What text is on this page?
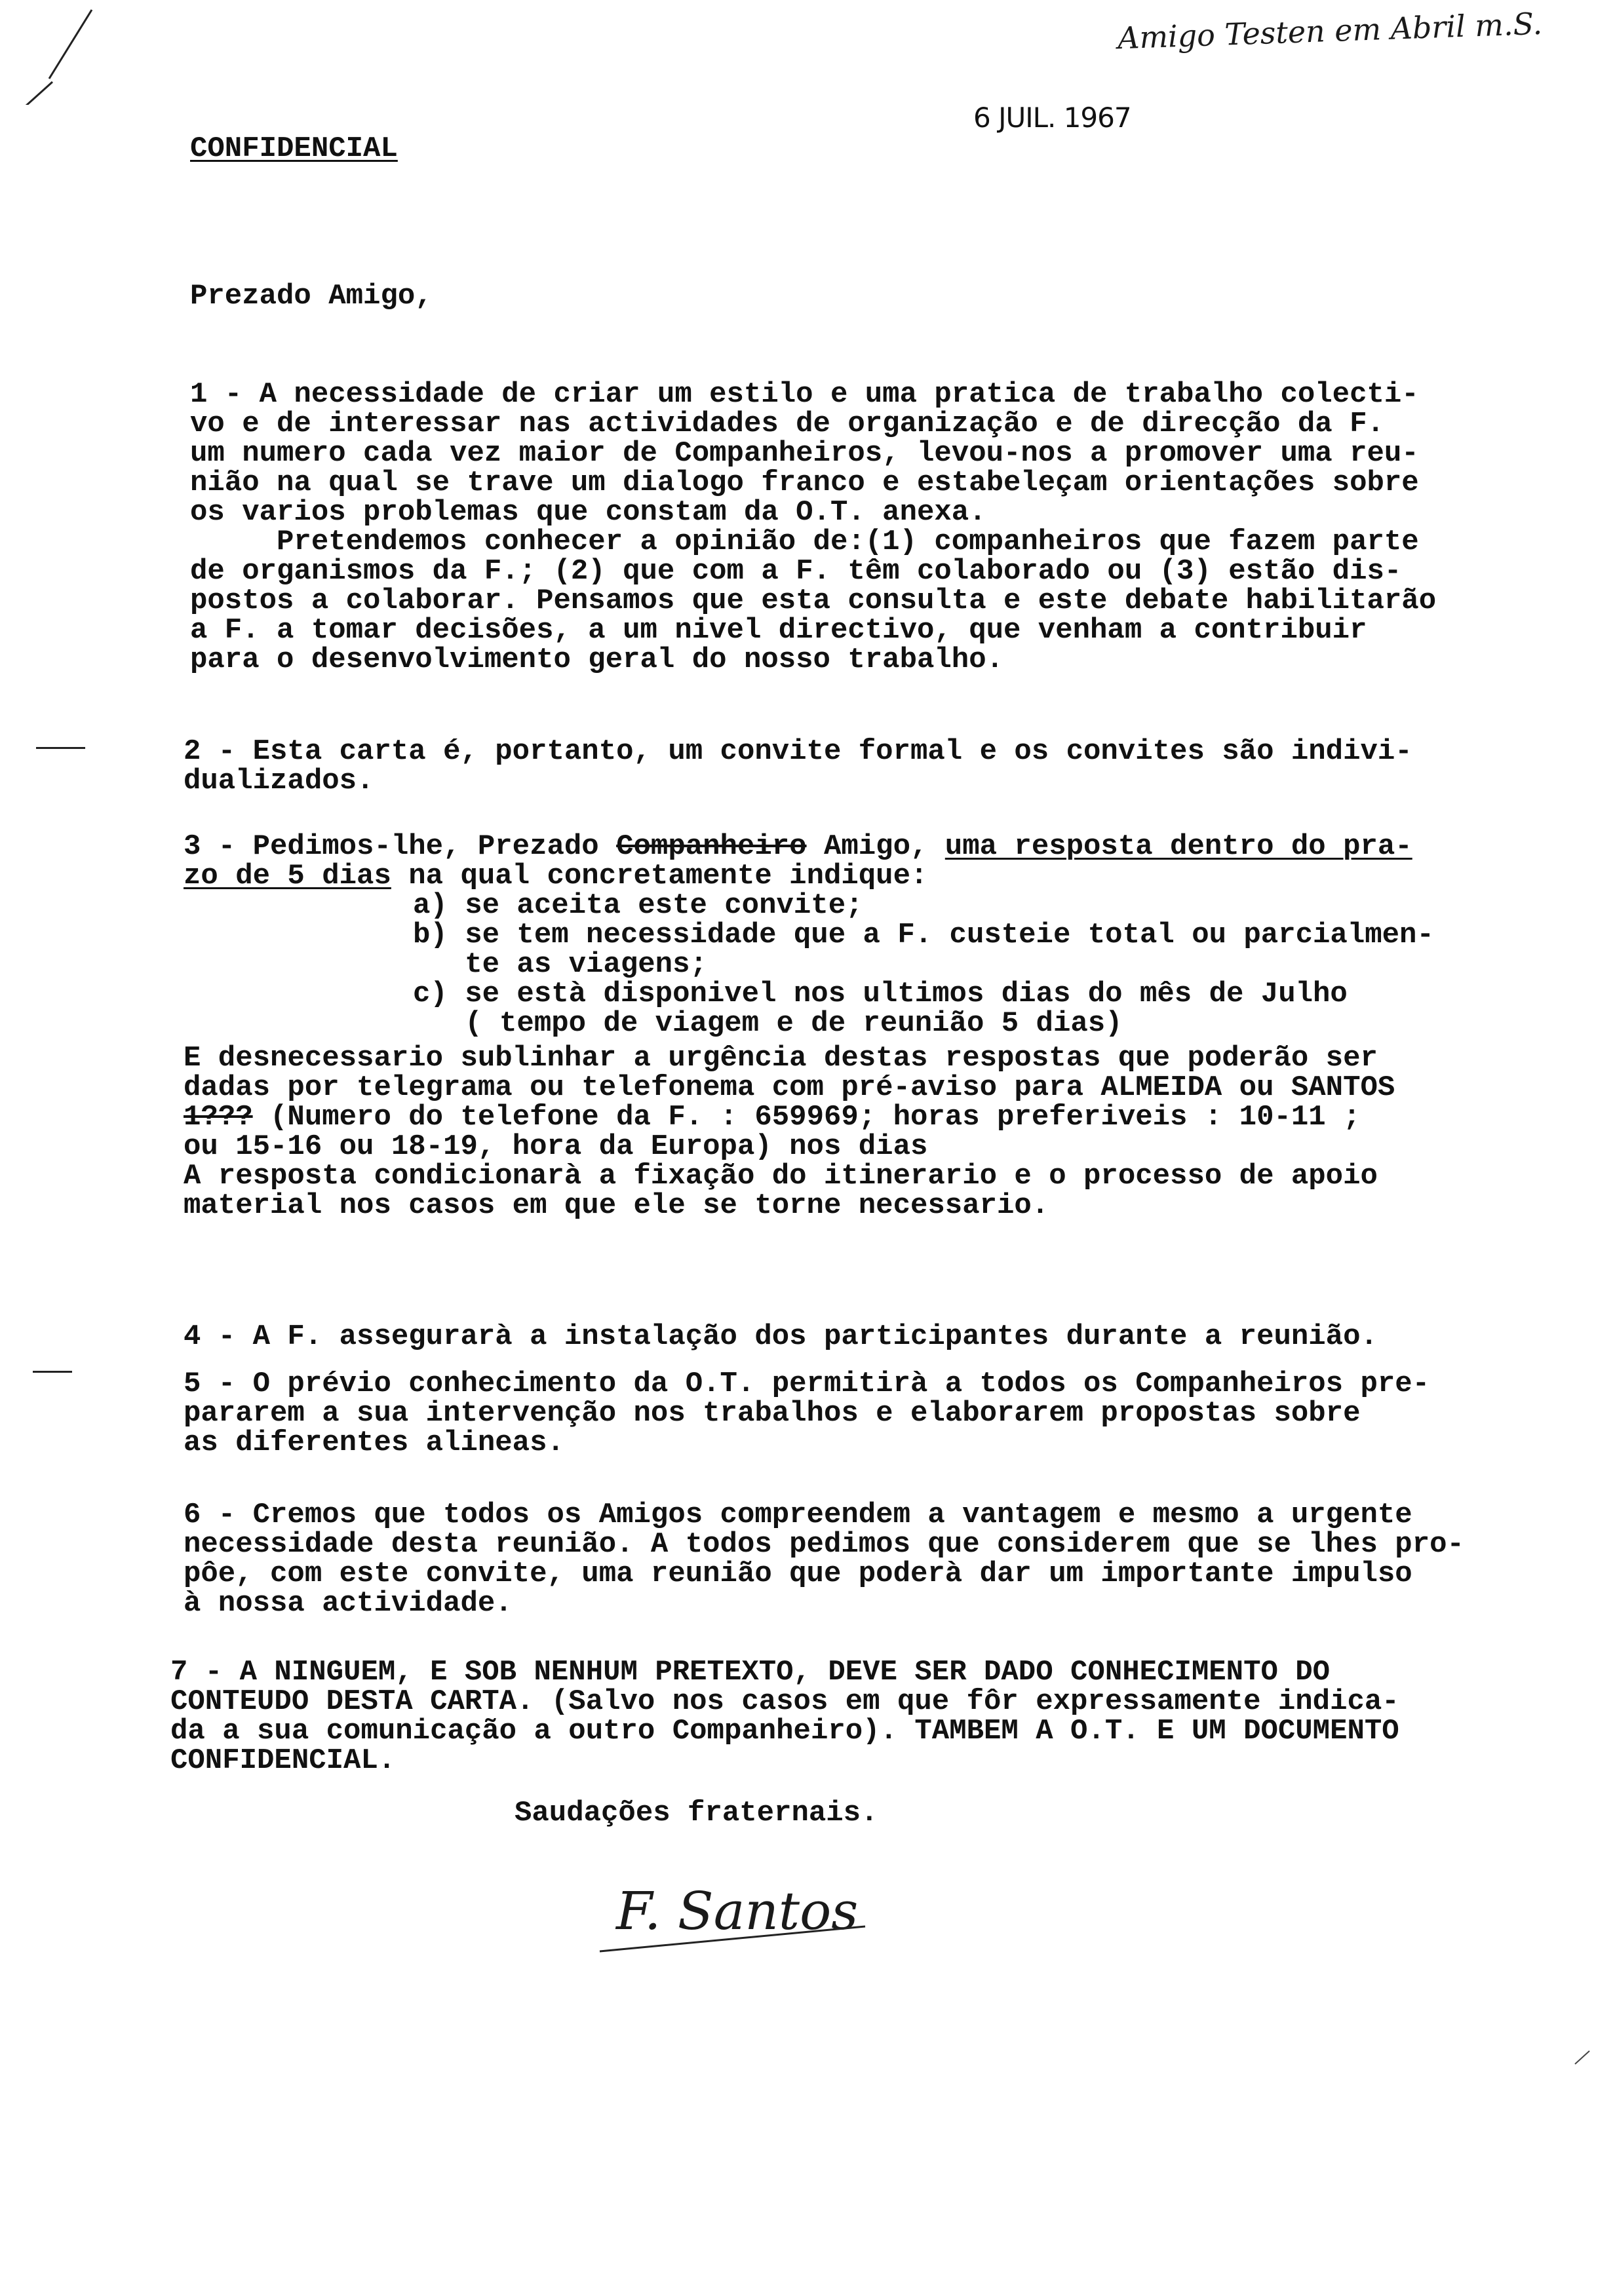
Amigo Testen em Abril m.S.
6 JUIL. 1967
CONFIDENCIAL
Prezado Amigo,
1 - A necessidade de criar um estilo e uma pratica de trabalho colecti-
vo e de interessar nas actividades de organização e de direcção da F.
um numero cada vez maior de Companheiros, levou-nos a promover uma reu-
nião na qual se trave um dialogo franco e estabeleçam orientações sobre
os varios problemas que constam da O.T. anexa.
Pretendemos conhecer a opinião de:(1) companheiros que fazem parte
de organismos da F.; (2) que com a F. têm colaborado ou (3) estão dis-
postos a colaborar. Pensamos que esta consulta e este debate habilitarão
a F. a tomar decisões, a um nivel directivo, que venham a contribuir
para o desenvolvimento geral do nosso trabalho.
2 - Esta carta é, portanto, um convite formal e os convites são indivi-
dualizados.
3 - Pedimos-lhe, Prezado Companheiro Amigo, uma resposta dentro do pra-
zo de 5 dias na qual concretamente indique:
a) se aceita este convite;
b) se tem necessidade que a F. custeie total ou parcialmen-
te as viagens;
c) se està disponivel nos ultimos dias do mês de Julho
( tempo de viagem e de reunião 5 dias)
E desnecessario sublinhar a urgência destas respostas que poderão ser
dadas por telegrama ou telefonema com pré-aviso para ALMEIDA ou SANTOS
1??? (Numero do telefone da F. : 659969; horas preferiveis : 10-11 ;
ou 15-16 ou 18-19, hora da Europa) nos dias
A resposta condicionarà a fixação do itinerario e o processo de apoio
material nos casos em que ele se torne necessario.
4 - A F. assegurarà a instalação dos participantes durante a reunião.
5 - O prévio conhecimento da O.T. permitirà a todos os Companheiros pre-
pararem a sua intervenção nos trabalhos e elaborarem propostas sobre
as diferentes alineas.
6 - Cremos que todos os Amigos compreendem a vantagem e mesmo a urgente
necessidade desta reunião. A todos pedimos que considerem que se lhes pro-
pôe, com este convite, uma reunião que poderà dar um importante impulso
à nossa actividade.
7 - A NINGUEM, E SOB NENHUM PRETEXTO, DEVE SER DADO CONHECIMENTO DO
CONTEUDO DESTA CARTA. (Salvo nos casos em que fôr expressamente indica-
da a sua comunicação a outro Companheiro). TAMBEM A O.T. E UM DOCUMENTO
CONFIDENCIAL.
Saudações fraternais.
F. Santos
